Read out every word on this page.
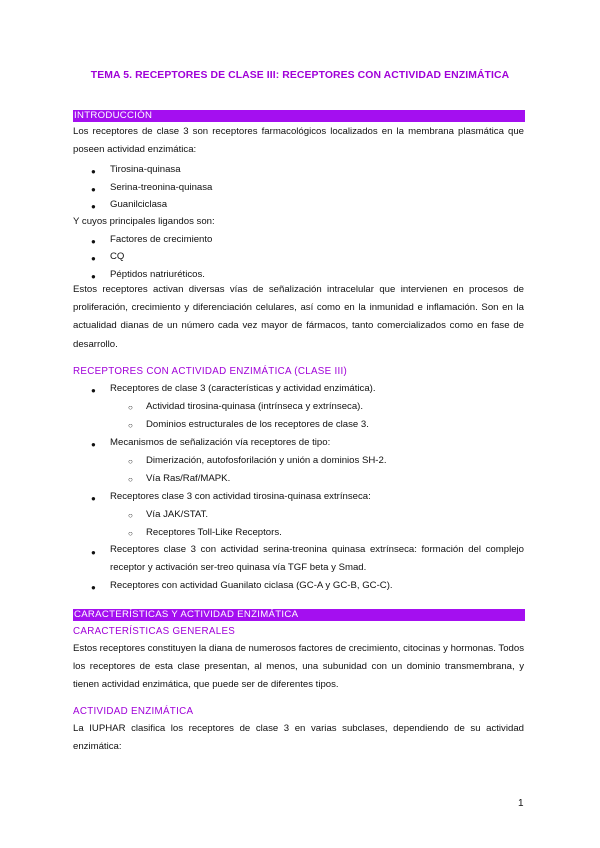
TEMA 5. RECEPTORES DE CLASE III: RECEPTORES CON ACTIVIDAD ENZIMÁTICA
INTRODUCCIÓN

Los receptores de clase 3 son receptores farmacológicos localizados en la membrana plasmática que poseen actividad enzimática:

● Tirosina-quinasa
● Serina-treonina-quinasa
● Guanilciclasa
Y cuyos principales ligandos son:
● Factores de crecimiento
● CQ
● Péptidos natriuréticos.

Estos receptores activan diversas vías de señalización intracelular que intervienen en procesos de proliferación, crecimiento y diferenciación celulares, así como en la inmunidad e inflamación. Son en la actualidad dianas de un número cada vez mayor de fármacos, tanto comercializados como en fase de desarrollo.

RECEPTORES CON ACTIVIDAD ENZIMÁTICA (CLASE III)
● Receptores de clase 3 (características y actividad enzimática).
○ Actividad tirosina-quinasa (intrínseca y extrínseca).
○ Dominios estructurales de los receptores de clase 3.
● Mecanismos de señalización vía receptores de tipo:
○ Dimerización, autofosforilación y unión a dominios SH-2.
○ Vía Ras/Raf/MAPK.
● Receptores clase 3 con actividad tirosina-quinasa extrínseca:
○ Vía JAK/STAT.
○ Receptores Toll-Like Receptors.
● Receptores clase 3 con actividad serina-treonina quinasa extrínseca: formación del complejo receptor y activación ser-treo quinasa vía TGF beta y Smad.
● Receptores con actividad Guanilato ciclasa (GC-A y GC-B, GC-C).
CARACTERÍSTICAS Y ACTIVIDAD ENZIMÁTICA
CARACTERÍSTICAS GENERALES

Estos receptores constituyen la diana de numerosos factores de crecimiento, citocinas y hormonas. Todos los receptores de esta clase presentan, al menos, una subunidad con un dominio transmembrana, y tienen actividad enzimática, que puede ser de diferentes tipos.

ACTIVIDAD ENZIMÁTICA

La IUPHAR clasifica los receptores de clase 3 en varias subclases, dependiendo de su actividad enzimática:

1
